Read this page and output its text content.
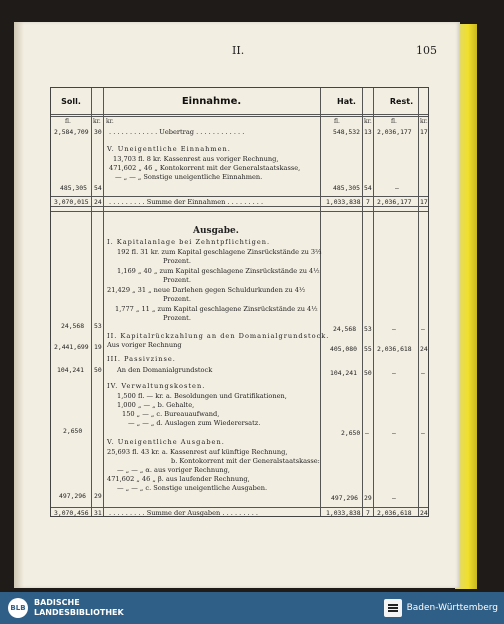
II.	105
Soll.	Einnahme.	Hat.	Rest.
fl.	kr. kr.	fl.	kr.	fl.	kr.
2,584,709 30 . . . . . . . . . . . . Uebertrag . . . . . . . . . . . .	548,532 13 2,036,177 17
V. Uneigentliche Einnahmen.
13,703 fl. 8 kr. Kassenrest aus voriger Rechnung,
471,602 „ 46 „ Kontokorrent mit der Generalstaatskasse,
— „ — „ Sonstige uneigentliche Einnahmen.
485,305 54	485,305 54	—
3,070,015 24 . . . . . . . . . Summe der Einnahmen . . . . . . . . .	1,033,838 7 2,036,177 17
Ausgabe.
I. Kapitalanlage bei Zehntpflichtigen.
192 fl. 31 kr. zum Kapital geschlagene Zinsrückstände zu 3⅔
Prozent.
1,169 „ 40 „ zum Kapital geschlagene Zinsrückstände zu 4½
Prozent.
21,429 „ 31 „ neue Darlehen gegen Schuldurkunden zu 4½
Prozent.
1,777 „ 11 „ zum Kapital geschlagene Zinsrückstände zu 4½
Prozent.
24,568 53	24,568 53	—	—
II. Kapitalrückzahlung an den Domanialgrundstock.
Aus voriger Rechnung
2,441,699 19	405,080 55 2,036,618 24
III. Passivzinse.
An den Domanialgrundstock
104,241 50	104,241 50	—	—
IV. Verwaltungskosten.
1,500 fl. — kr. a. Besoldungen und Gratifikationen,
1,000 „ — „ b. Gehalte,
150 „ — „ c. Bureauaufwand,
— „ — „ d. Auslagen zum Wiederersatz.
2,650	2,650 —	—	—
V. Uneigentliche Ausgaben.
25,693 fl. 43 kr. a. Kassenrest auf künftige Rechnung,
b. Kontokorrent mit der Generalstaatskasse:
— „ — „ α. aus voriger Rechnung,
471,602 „ 46 „ β. aus laufender Rechnung,
— „ — „ c. Sonstige uneigentliche Ausgaben.
497,296 29	497,296 29	—
3,070,456 31 . . . . . . . . . Summe der Ausgaben . . . . . . . . .	1,033,838 7 2,036,618 24
BLB
BADISCHE
LANDESBIBLIOTHEK	Baden-Württemberg
